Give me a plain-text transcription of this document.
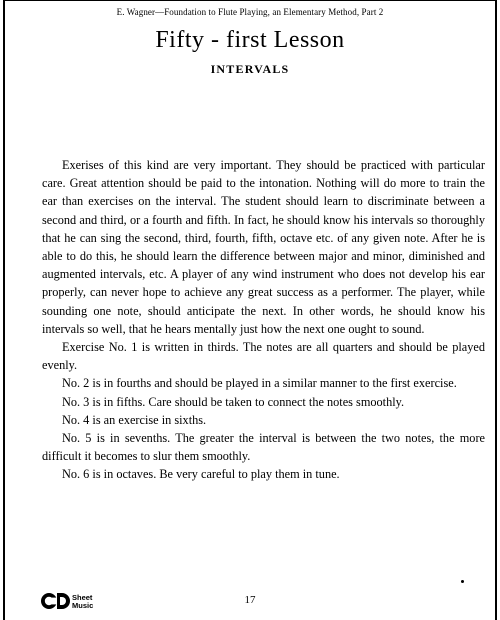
E. Wagner—Foundation to Flute Playing, an Elementary Method, Part 2
Fifty - first Lesson
INTERVALS

Exerises of this kind are very important. They should be practiced with particular care. Great attention should be paid to the intonation. Nothing will do more to train the ear than exercises on the interval. The student should learn to discriminate between a second and third, or a fourth and fifth. In fact, he should know his intervals so thoroughly that he can sing the second, third, fourth, fifth, octave etc. of any given note. After he is able to do this, he should learn the difference between major and minor, diminished and augmented intervals, etc. A player of any wind instrument who does not develop his ear properly, can never hope to achieve any great success as a performer. The player, while sounding one note, should anticipate the next. In other words, he should know his intervals so well, that he hears mentally just how the next one ought to sound.

Exercise No. 1 is written in thirds. The notes are all quarters and should be played evenly.

No. 2 is in fourths and should be played in a similar manner to the first exercise.

No. 3 is in fifths. Care should be taken to connect the notes smoothly.

No. 4 is an exercise in sixths.

No. 5 is in sevenths. The greater the interval is between the two notes, the more difficult it becomes to slur them smoothly.

No. 6 is in octaves. Be very careful to play them in tune.

Sheet
Music	17
